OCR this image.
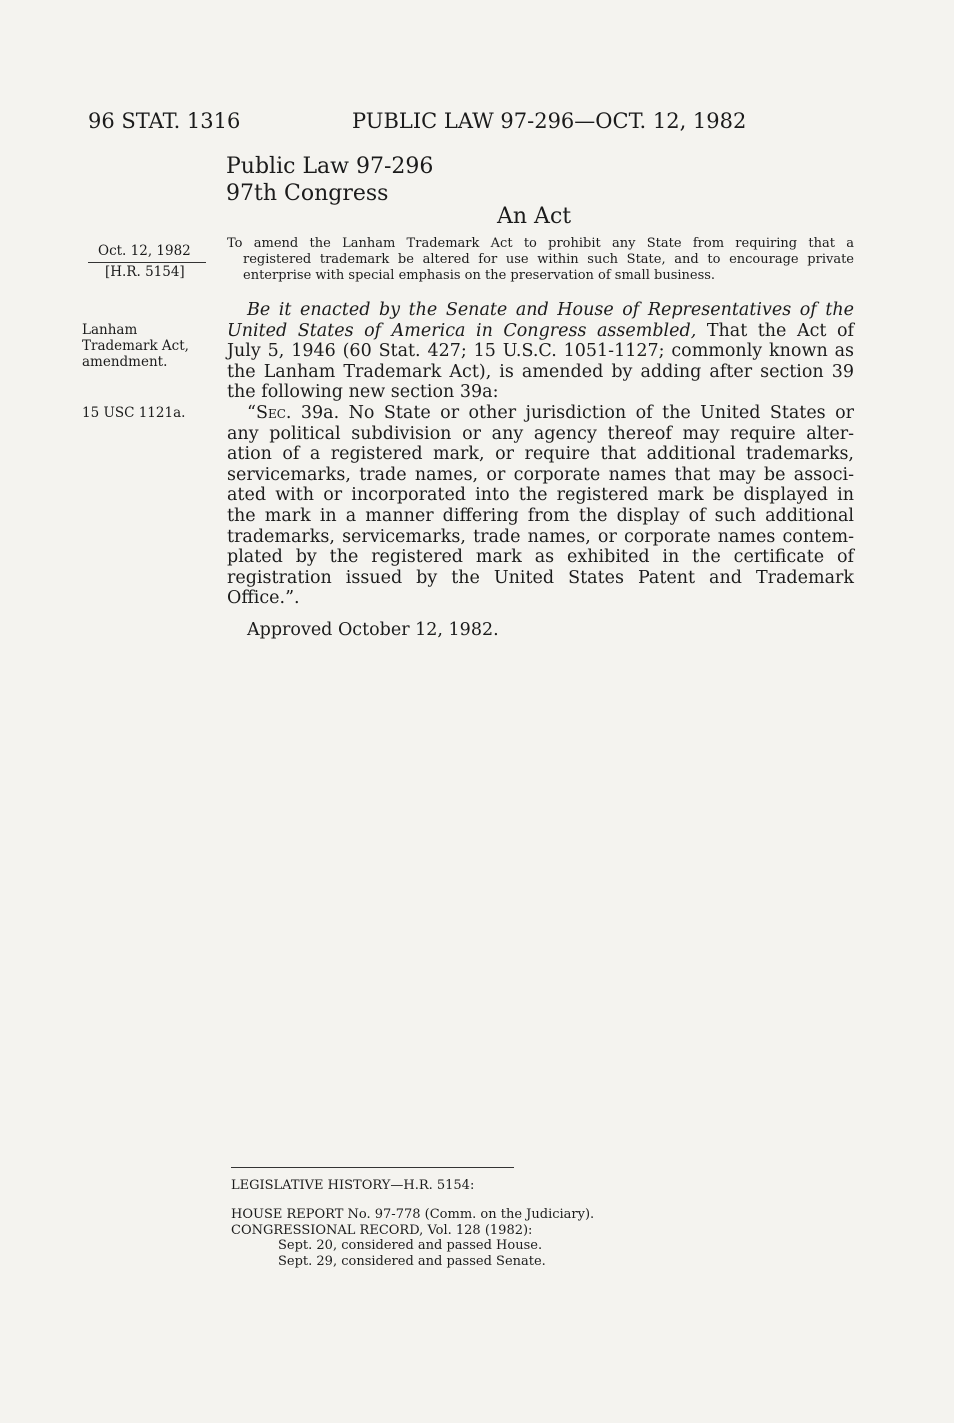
96 STAT. 1316	PUBLIC LAW 97-296—OCT. 12, 1982
Public Law 97-296
97th Congress
An Act
Oct. 12, 1982
[H.R. 5154]
Lanham
Trademark Act,
amendment.
15 USC 1121a.
To amend the Lanham Trademark Act to prohibit any State from requiring that a
registered trademark be altered for use within such State, and to encourage private
enterprise with special emphasis on the preservation of small business.
Be it enacted by the Senate and House of Representatives of the
United States of America in Congress assembled, That the Act of
July 5, 1946 (60 Stat. 427; 15 U.S.C. 1051-1127; commonly known as
the Lanham Trademark Act), is amended by adding after section 39
the following new section 39a:
“Sec. 39a. No State or other jurisdiction of the United States or
any political subdivision or any agency thereof may require alter-
ation of a registered mark, or require that additional trademarks,
servicemarks, trade names, or corporate names that may be associ-
ated with or incorporated into the registered mark be displayed in
the mark in a manner differing from the display of such additional
trademarks, servicemarks, trade names, or corporate names contem-
plated by the registered mark as exhibited in the certificate of
registration issued by the United States Patent and Trademark
Office.”.
Approved October 12, 1982.
LEGISLATIVE HISTORY—H.R. 5154:
HOUSE REPORT No. 97-778 (Comm. on the Judiciary).
CONGRESSIONAL RECORD, Vol. 128 (1982):
Sept. 20, considered and passed House.
Sept. 29, considered and passed Senate.
